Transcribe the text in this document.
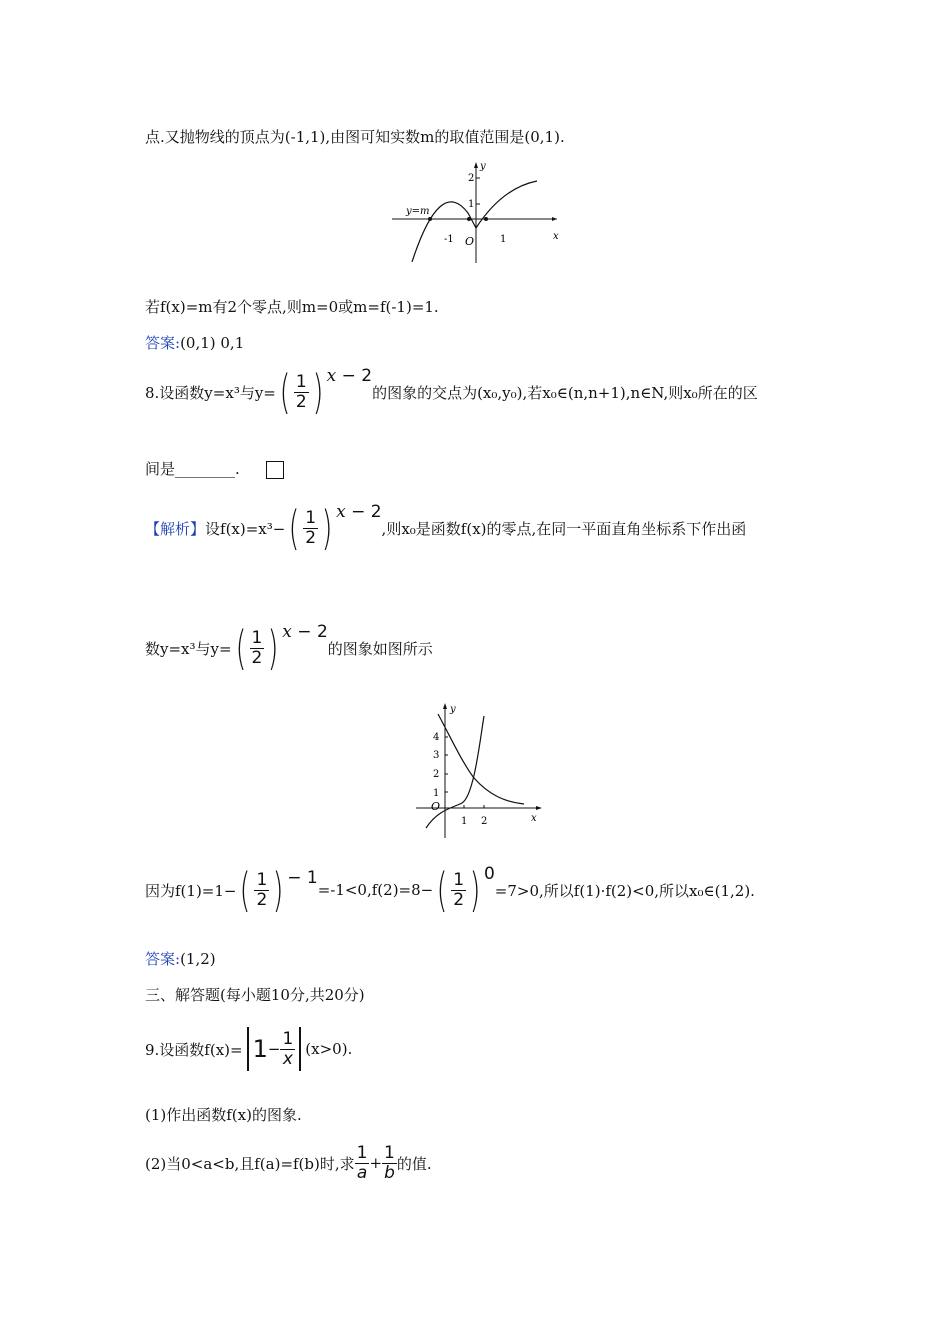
点.又抛物线的顶点为(-1,1),由图可知实数m的取值范围是(0,1).
y
x
O
2
1
-1	1
y=m
若f(x)=m有2个零点,则m=0或m=f(-1)=1.
答案:(0,1) 0,1
8.设函数y=x³与y= ( $\frac{1}{2}$ ) x − 2
的图象的交点为(x₀,y₀),若x₀∈(n,n+1),n∈N,则x₀所在的区
间是________.
【解析】 设f(x)=x³− ( $\frac{1}{2}$ ) x − 2
,则x₀是函数f(x)的零点,在同一平面直角坐标系下作出函
数y=x³与y= ( $\frac{1}{2}$ ) x − 2
的图象如图所示
y
x
O
4
3
2
1
1 2
因为f(1)=1− ( $\frac{1}{2}$ ) − 1
=-1<0,f(2)=8− ( $\frac{1}{2}$ ) 0
=7>0,所以f(1)·f(2)<0,所以x₀∈(1,2).
答案:(1,2)
三、解答题(每小题10分,共20分)
9.设函数$f(x)= 1 - \frac{1}{x} (x>0)$.
(1)作出函数f(x)的图象.
(2)当0<a<b,且f(a)=f(b)时,求 $\frac{1}{a} + \frac{1}{b}$ 的值.
